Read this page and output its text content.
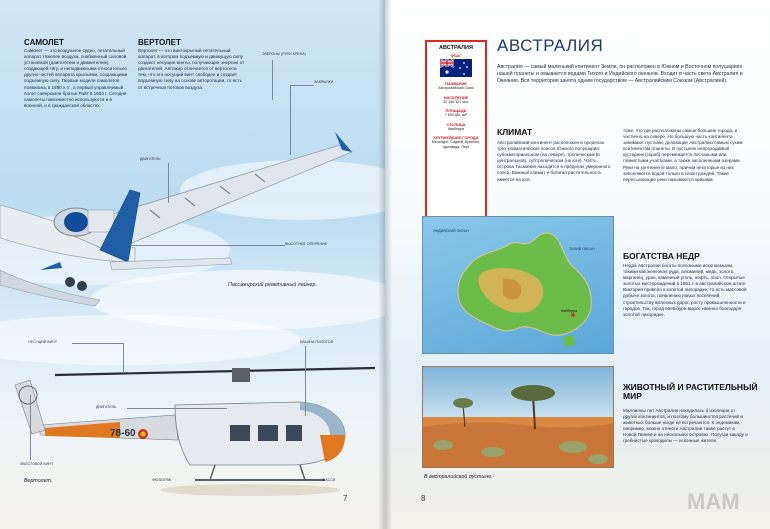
САМОЛЕТ
Самолет — это воздушное судно, летательный аппарат тяжелее воздуха, снабженный силовой установкой (двигателем и движителем), создающей тягу, и неподвижными относительно других частей аппарата крыльями, создающими подъемную силу. Первые модели самолетов появились в 1890 х гг., а первый управляемый полет совершили братья Райт в 1903 г. Сегодня самолеты повсеместно используются и в военной, и в гражданской областях.
ВЕРТОЛЕТ
Вертолет — это винтокрылый летательный аппарат, в котором подъемную и движущую силу создают несущие винты, получающие энергию от двигателей. Автожир отличается от вертолета тем, что его несущий винт свободен и создает подъемную силу на основе авторотации, то есть от встречных потоков воздуха.
ЭЛЕРОНЫ (РУЛИ КРЕНА)
ЗАКРЫЛКИ
ДВИГАТЕЛЬ
ВЫСОТНОЕ ОПЕРЕНИЕ
Пассажирский реактивный лайнер.
78-60
НЕСУЩИЙ ВИНТ	КАБИНА ПИЛОТОВ
ДВИГАТЕЛЬ
ХВОСТОВОЙ ВИНТ
ФЮЗЕЛЯЖ	ШАССИ
Вертолет.
7
АВСТРАЛИЯ
ФЛАГ
НАЗВАНИЕ
Австралийский Союз
НАСЕЛЕНИЕ
25 146 321 чел.
ПЛОЩАДЬ
7 659 861 км²
СТОЛИЦА
Канберра
КРУПНЕЙШИЕ ГОРОДА
Мельбурн, Сидней, Брисбен, Аделаида, Перт
АВСТРАЛИЯ
Австралия — самый маленький континент Земли, он расположен в Южном и Восточном полушариях нашей планеты и омывается водами Тихого и Индийского океанов. Входит в часть света Австралия и Океания. Вся территория занята одним государством — Австралийским Союзом (Австралией).
КЛИМАТ
Австралийский континент расположен в пределах трех климатических поясов Южного полушария: субэкваториальном (на севере), тропическом (в центральной), субтропическом (на юге). Часть острова Тасмания находится в пределах умеренного пояса. Важный климат и богатая растительность имеется на юге.
тоже, что где расположены самые большие города, и частично на севере. Но большую часть континента занимают пустыни, делающие Австралию самым сухим континентом планеты. В пустынях непроходимый кустарник (скраб) перемежается песчаными или глинистыми участками, а также засоленными озерами. Реки на континенте мало, причем некоторые из них заполняются водой только в сезон дождей. Такие пересыхающие реки называются криками.
ИНДИЙСКИЙ ОКЕАН
ТИХИЙ ОКЕАН
Канберра
БОГАТСТВА НЕДР
Недра Австралии богаты полезными ископаемыми, такими как железная руда, алюминий, медь, золото, марганец, уран, каменный уголь, нефть, опал. Открытые золотых месторождений в 1851 г. в австралийском штате Виктория привело к золотой лихорадке, то есть массовой добыче золота, появлению новых поселений, строительству железных дорог, росту промышленности и городов. Так, город Мельбурн вырос именно благодаря золотой лихорадке.
В австралийской пустыне.
ЖИВОТНЫЙ И РАСТИТЕЛЬНЫЙ МИР
Миллионы лет Австралия находилась в изоляции от других континентов, и поэтому большинство растений и животных больше нигде не встречаются. К эндемикам, например, можно отнести Австралии также растут в Новой Гвинее и на нескольких островах. Попугаи какаду и гребнистые крокодилы — исконные жители
8	МАМ
